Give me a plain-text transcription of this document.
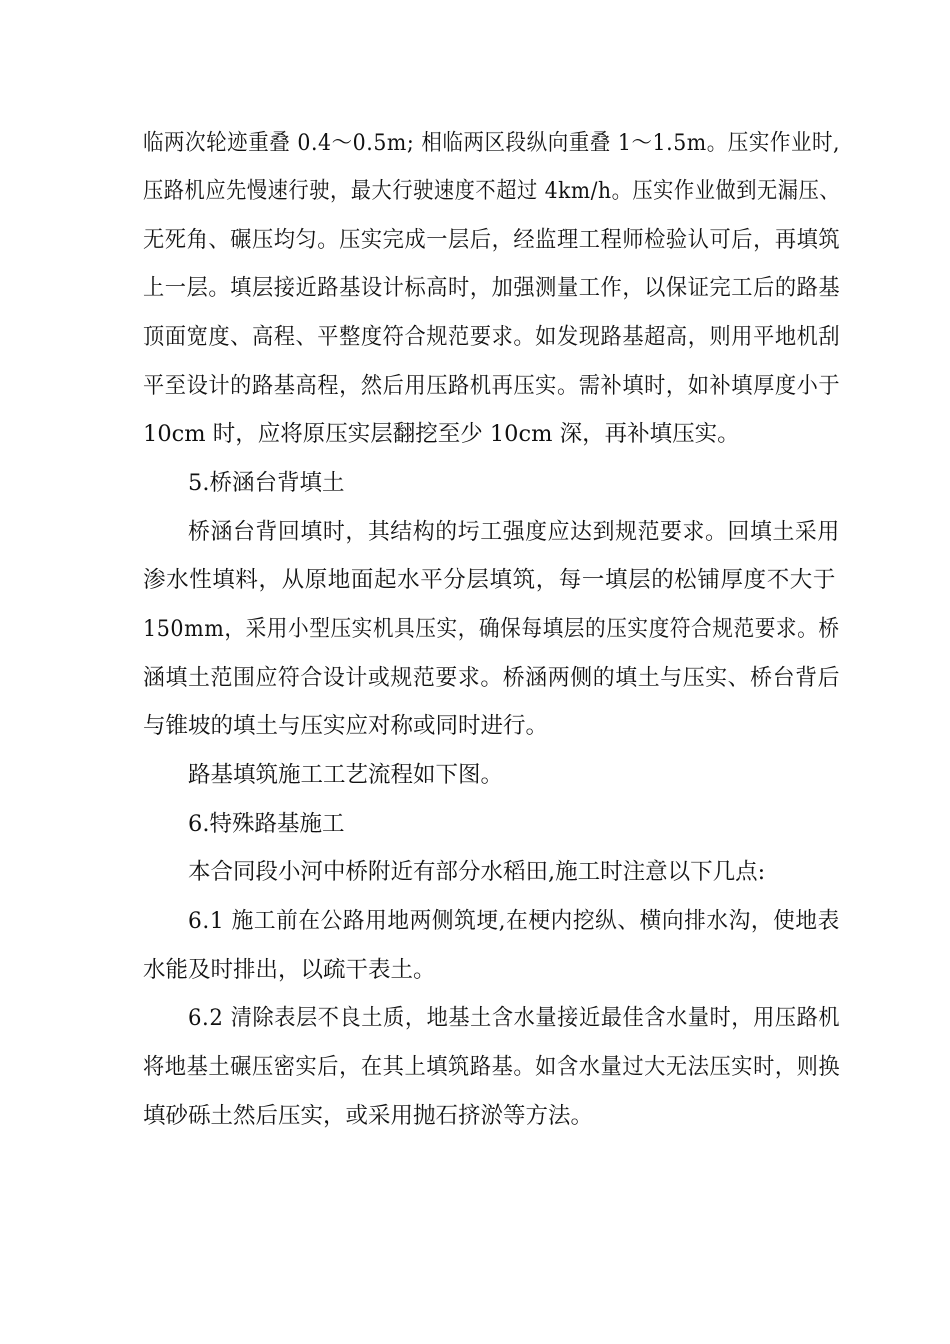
临两次轮迹重叠 0.4～0.5m; 相临两区段纵向重叠 1～1.5m。压实作业时,
压路机应先慢速行驶，最大行驶速度不超过 4km/h。压实作业做到无漏压、
无死角、碾压均匀。压实完成一层后，经监理工程师检验认可后，再填筑
上一层。填层接近路基设计标高时，加强测量工作，以保证完工后的路基
顶面宽度、高程、平整度符合规范要求。如发现路基超高，则用平地机刮
平至设计的路基高程，然后用压路机再压实。需补填时，如补填厚度小于
10cm 时，应将原压实层翻挖至少 10cm 深，再补填压实。
5.桥涵台背填土
桥涵台背回填时，其结构的圬工强度应达到规范要求。回填土采用
渗水性填料，从原地面起水平分层填筑，每一填层的松铺厚度不大于
150mm，采用小型压实机具压实，确保每填层的压实度符合规范要求。桥
涵填土范围应符合设计或规范要求。桥涵两侧的填土与压实、桥台背后
与锥坡的填土与压实应对称或同时进行。
路基填筑施工工艺流程如下图。
6.特殊路基施工
本合同段小河中桥附近有部分水稻田,施工时注意以下几点:
6.1 施工前在公路用地两侧筑埂,在梗内挖纵、横向排水沟，使地表
水能及时排出，以疏干表土。
6.2 清除表层不良土质，地基土含水量接近最佳含水量时，用压路机
将地基土碾压密实后，在其上填筑路基。如含水量过大无法压实时，则换
填砂砾土然后压实，或采用抛石挤淤等方法。
